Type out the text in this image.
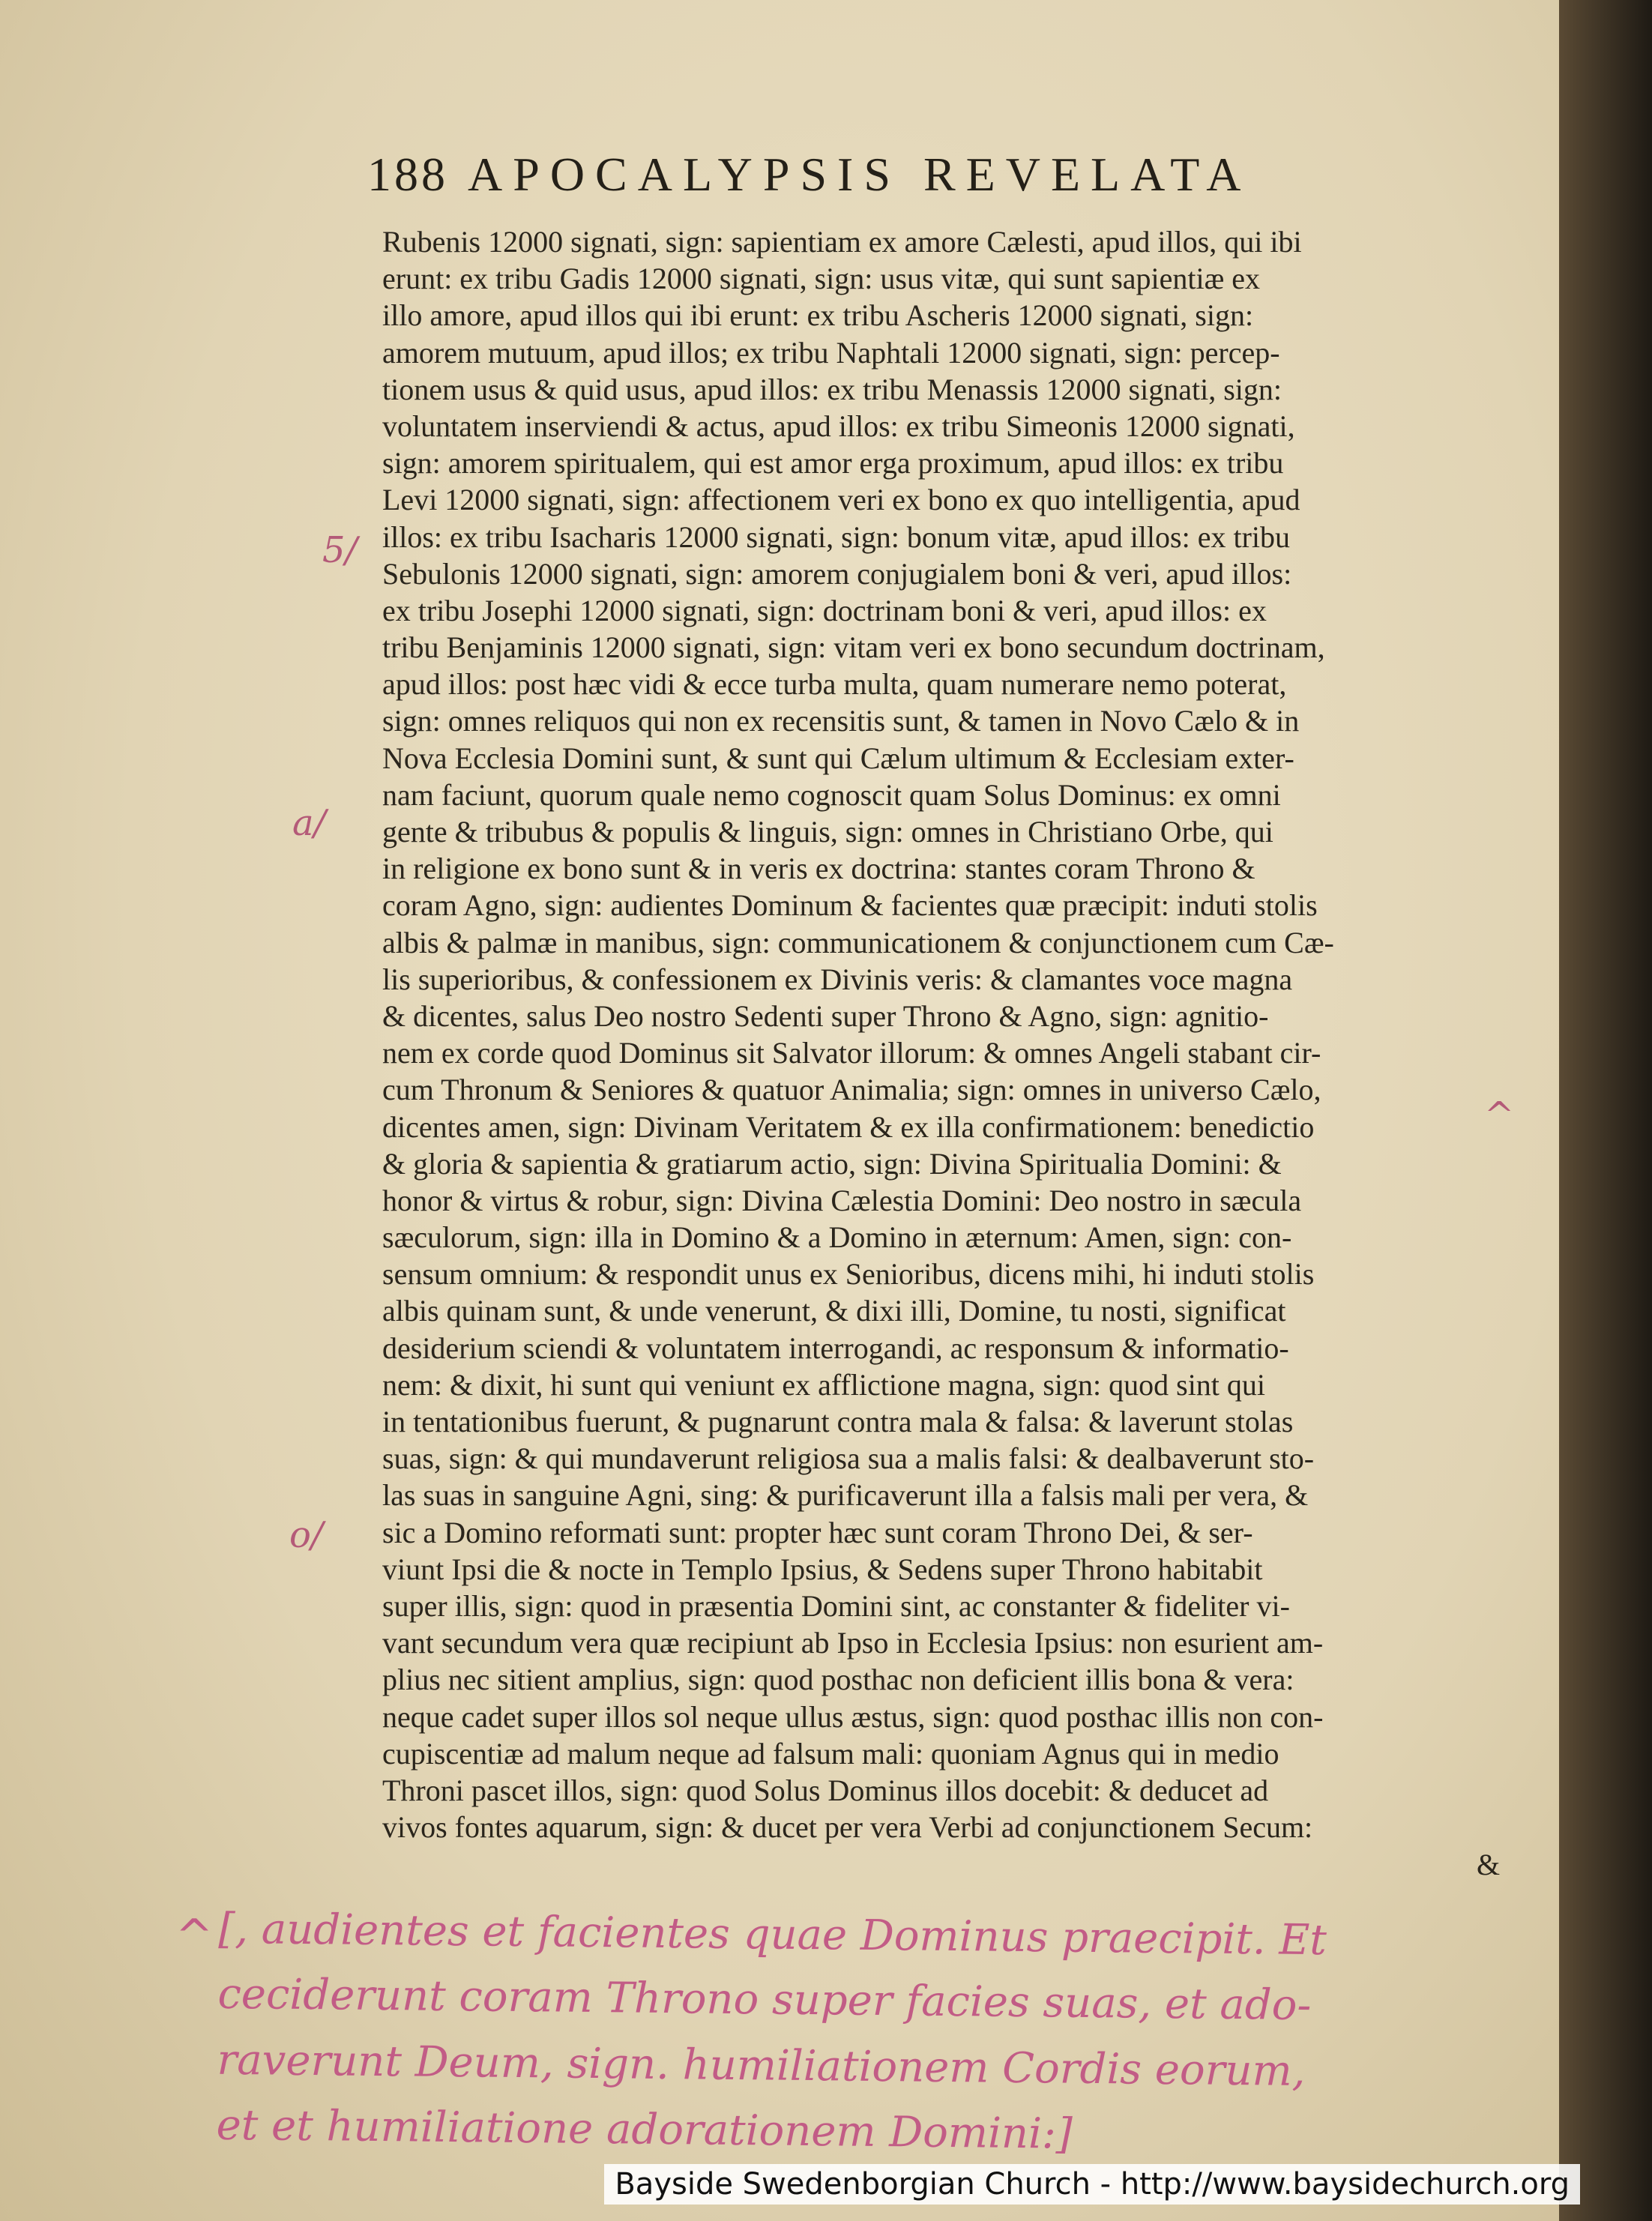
188 APOCALYPSIS REVELATA
Rubenis 12000 signati, sign: sapientiam ex amore Cælesti, apud illos, qui ibi
erunt: ex tribu Gadis 12000 signati, sign: usus vitæ, qui sunt sapientiæ ex
illo amore, apud illos qui ibi erunt: ex tribu Ascheris 12000 signati, sign:
amorem mutuum, apud illos; ex tribu Naphtali 12000 signati, sign: percep-
tionem usus & quid usus, apud illos: ex tribu Menassis 12000 signati, sign:
voluntatem inserviendi & actus, apud illos: ex tribu Simeonis 12000 signati,
sign: amorem spiritualem, qui est amor erga proximum, apud illos: ex tribu
Levi 12000 signati, sign: affectionem veri ex bono ex quo intelligentia, apud
illos: ex tribu Isacharis 12000 signati, sign: bonum vitæ, apud illos: ex tribu
Sebulonis 12000 signati, sign: amorem conjugialem boni & veri, apud illos:
ex tribu Josephi 12000 signati, sign: doctrinam boni & veri, apud illos: ex
tribu Benjaminis 12000 signati, sign: vitam veri ex bono secundum doctrinam,
apud illos: post hæc vidi & ecce turba multa, quam numerare nemo poterat,
sign: omnes reliquos qui non ex recensitis sunt, & tamen in Novo Cælo & in
Nova Ecclesia Domini sunt, & sunt qui Cælum ultimum & Ecclesiam exter-
nam faciunt, quorum quale nemo cognoscit quam Solus Dominus: ex omni
gente & tribubus & populis & linguis, sign: omnes in Christiano Orbe, qui
in religione ex bono sunt & in veris ex doctrina: stantes coram Throno &
coram Agno, sign: audientes Dominum & facientes quæ præcipit: induti stolis
albis & palmæ in manibus, sign: communicationem & conjunctionem cum Cæ-
lis superioribus, & confessionem ex Divinis veris: & clamantes voce magna
& dicentes, salus Deo nostro Sedenti super Throno & Agno, sign: agnitio-
nem ex corde quod Dominus sit Salvator illorum: & omnes Angeli stabant cir-
cum Thronum & Seniores & quatuor Animalia; sign: omnes in universo Cælo,
dicentes amen, sign: Divinam Veritatem & ex illa confirmationem: benedictio
& gloria & sapientia & gratiarum actio, sign: Divina Spiritualia Domini: &
honor & virtus & robur, sign: Divina Cælestia Domini: Deo nostro in sæcula
sæculorum, sign: illa in Domino & a Domino in æternum: Amen, sign: con-
sensum omnium: & respondit unus ex Senioribus, dicens mihi, hi induti stolis
albis quinam sunt, & unde venerunt, & dixi illi, Domine, tu nosti, significat
desiderium sciendi & voluntatem interrogandi, ac responsum & informatio-
nem: & dixit, hi sunt qui veniunt ex afflictione magna, sign: quod sint qui
in tentationibus fuerunt, & pugnarunt contra mala & falsa: & laverunt stolas
suas, sign: & qui mundaverunt religiosa sua a malis falsi: & dealbaverunt sto-
las suas in sanguine Agni, sing: & purificaverunt illa a falsis mali per vera, &
sic a Domino reformati sunt: propter hæc sunt coram Throno Dei, & ser-
viunt Ipsi die & nocte in Templo Ipsius, & Sedens super Throno habitabit
super illis, sign: quod in præsentia Domini sint, ac constanter & fideliter vi-
vant secundum vera quæ recipiunt ab Ipso in Ecclesia Ipsius: non esurient am-
plius nec sitient amplius, sign: quod posthac non deficient illis bona & vera:
neque cadet super illos sol neque ullus æstus, sign: quod posthac illis non con-
cupiscentiæ ad malum neque ad falsum mali: quoniam Agnus qui in medio
Throni pascet illos, sign: quod Solus Dominus illos docebit: & deducet ad
vivos fontes aquarum, sign: & ducet per vera Verbi ad conjunctionem Secum:
&
5/
a/
o/
^
^ [, audientes et facientes quae Dominus praecipit. Et
ceciderunt coram Throno super facies suas, et ado-
raverunt Deum, sign. humiliationem Cordis eorum,
et et humiliatione adorationem Domini:]
Bayside Swedenborgian Church - http://www.baysidechurch.org
